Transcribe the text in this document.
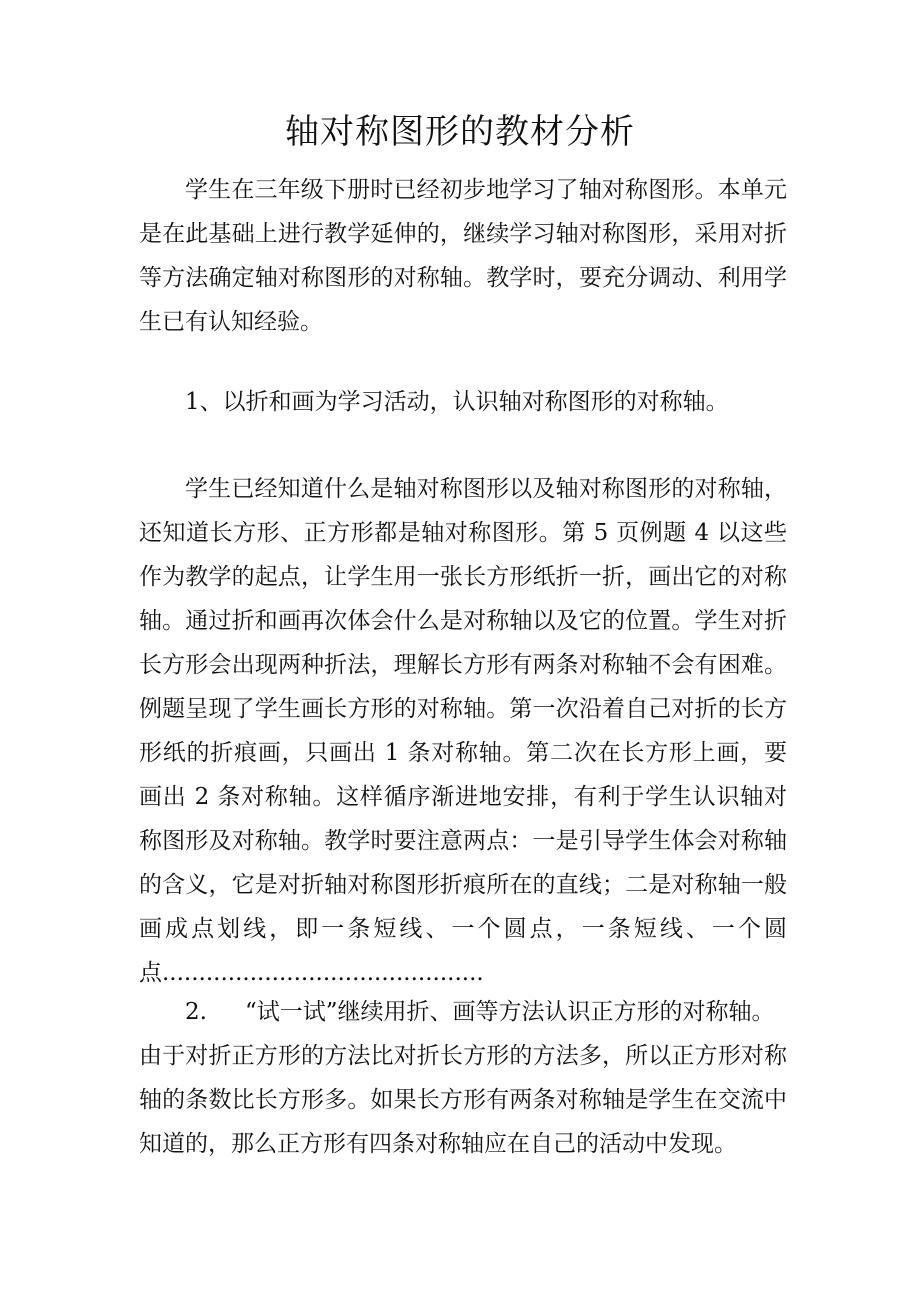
轴对称图形的教材分析

学生在三年级下册时已经初步地学习了轴对称图形。本单元是在此基础上进行教学延伸的，继续学习轴对称图形，采用对折等方法确定轴对称图形的对称轴。教学时，要充分调动、利用学生已有认知经验。

1、以折和画为学习活动，认识轴对称图形的对称轴。

学生已经知道什么是轴对称图形以及轴对称图形的对称轴，还知道长方形、正方形都是轴对称图形。第 5 页例题 4 以这些作为教学的起点，让学生用一张长方形纸折一折，画出它的对称轴。通过折和画再次体会什么是对称轴以及它的位置。学生对折长方形会出现两种折法，理解长方形有两条对称轴不会有困难。例题呈现了学生画长方形的对称轴。第一次沿着自己对折的长方形纸的折痕画，只画出 1 条对称轴。第二次在长方形上画，要画出 2 条对称轴。这样循序渐进地安排，有利于学生认识轴对称图形及对称轴。教学时要注意两点：一是引导学生体会对称轴的含义，它是对折轴对称图形折痕所在的直线；二是对称轴一般画成点划线，即一条短线、一个圆点，一条短线、一个圆点............................................

2. “试一试”继续用折、画等方法认识正方形的对称轴。

由于对折正方形的方法比对折长方形的方法多，所以正方形对称轴的条数比长方形多。如果长方形有两条对称轴是学生在交流中知道的，那么正方形有四条对称轴应在自己的活动中发现。
